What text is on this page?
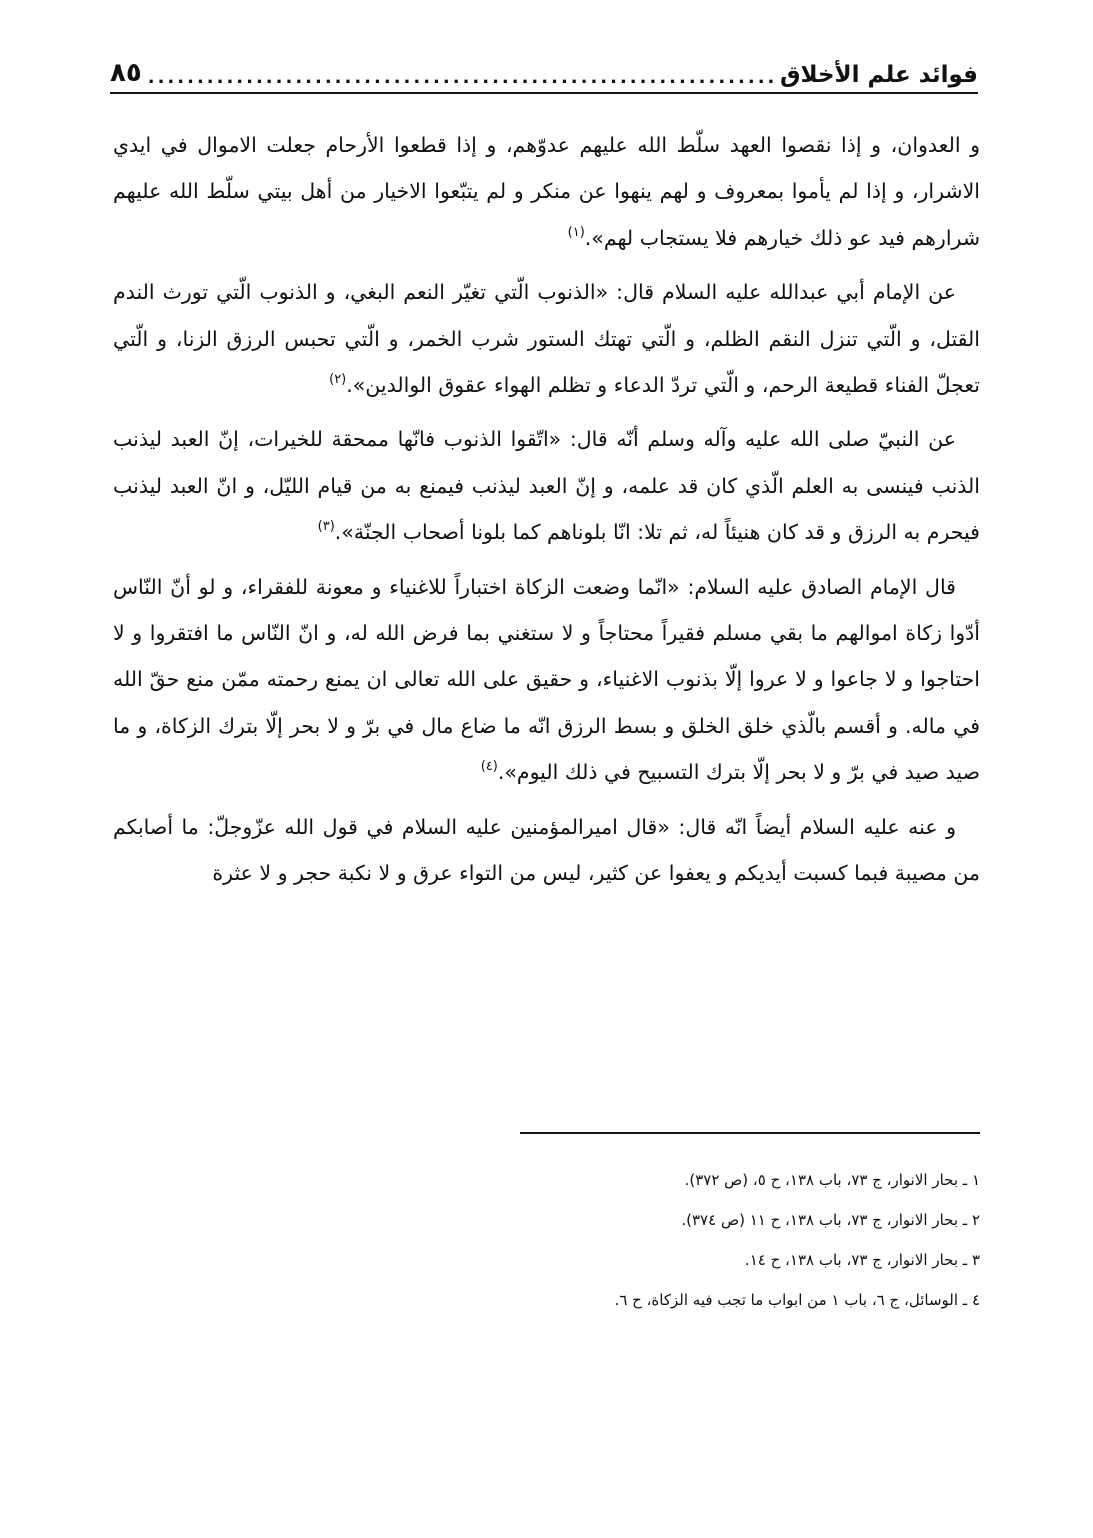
فوائد علم الأخلاق
.....
٨٥

و العدوان، و إذا نقصوا العهد سلّط الله عليهم عدوّهم، و إذا قطعوا الأرحام جعلت الاموال في ايدي الاشرار، و إذا لم يأموا بمعروف و لهم ينهوا عن منكر و لم يتبّعوا الاخيار من أهل بيتي سلّط الله عليهم شرارهم فيد عو ذلك خيارهم فلا يستجاب لهم».$^{(١)}$

عن الإمام أبي عبدالله عليه السلام قال: «الذنوب الّتي تغيّر النعم البغي، و الذنوب الّتي تورث الندم القتل، و الّتي تنزل النقم الظلم، و الّتي تهتك الستور شرب الخمر، و الّتي تحبس الرزق الزنا، و الّتي تعجلّ الفناء قطيعة الرحم، و الّتي تردّ الدعاء و تظلم الهواء عقوق الوالدين».$^{(٢)}$

عن النبيّ صلى الله عليه وآله وسلم أنّه قال: «اتّقوا الذنوب فانّها ممحقة للخيرات، إنّ العبد ليذنب الذنب فينسى به العلم الّذي كان قد علمه، و إنّ العبد ليذنب فيمنع به من قيام الليّل، و انّ العبد ليذنب فيحرم به الرزق و قد كان هنيئاً له، ثم تلا: انّا بلوناهم كما بلونا أصحاب الجنّة».$^{(٣)}$

قال الإمام الصادق عليه السلام: «انّما وضعت الزكاة اختباراً للاغنياء و معونة للفقراء، و لو أنّ النّاس أدّوا زكاة اموالهم ما بقي مسلم فقيراً محتاجاً و لا ستغني بما فرض الله له، و انّ النّاس ما افتقروا و لا احتاجوا و لا جاعوا و لا عروا إلّا بذنوب الاغنياء، و حقيق على الله تعالى ان يمنع رحمته ممّن منع حقّ الله في ماله. و أقسم بالّذي خلق الخلق و بسط الرزق انّه ما ضاع مال في برّ و لا بحر إلّا بترك الزكاة، و ما صيد صيد في برّ و لا بحر إلّا بترك التسبيح في ذلك اليوم».$^{(٤)}$

و عنه عليه السلام أيضاً انّه قال: «قال اميرالمؤمنين عليه السلام في قول الله عزّوجلّ: ما أصابكم من مصيبة فبما كسبت أيديكم و يعفوا عن كثير، ليس من التواء عرق و لا نكبة حجر و لا عثرة

١ ـ بحار الانوار، ج ٧٣، باب ١٣٨، ح ٥، (ص ٣٧٢).
٢ ـ بحار الانوار، ج ٧٣، باب ١٣٨، ح ١١ (ص ٣٧٤).
٣ ـ بحار الانوار، ج ٧٣، باب ١٣٨، ح ١٤.
٤ ـ الوسائل، ج ٦، باب ١ من ابواب ما تجب فيه الزكاة، ح ٦.
